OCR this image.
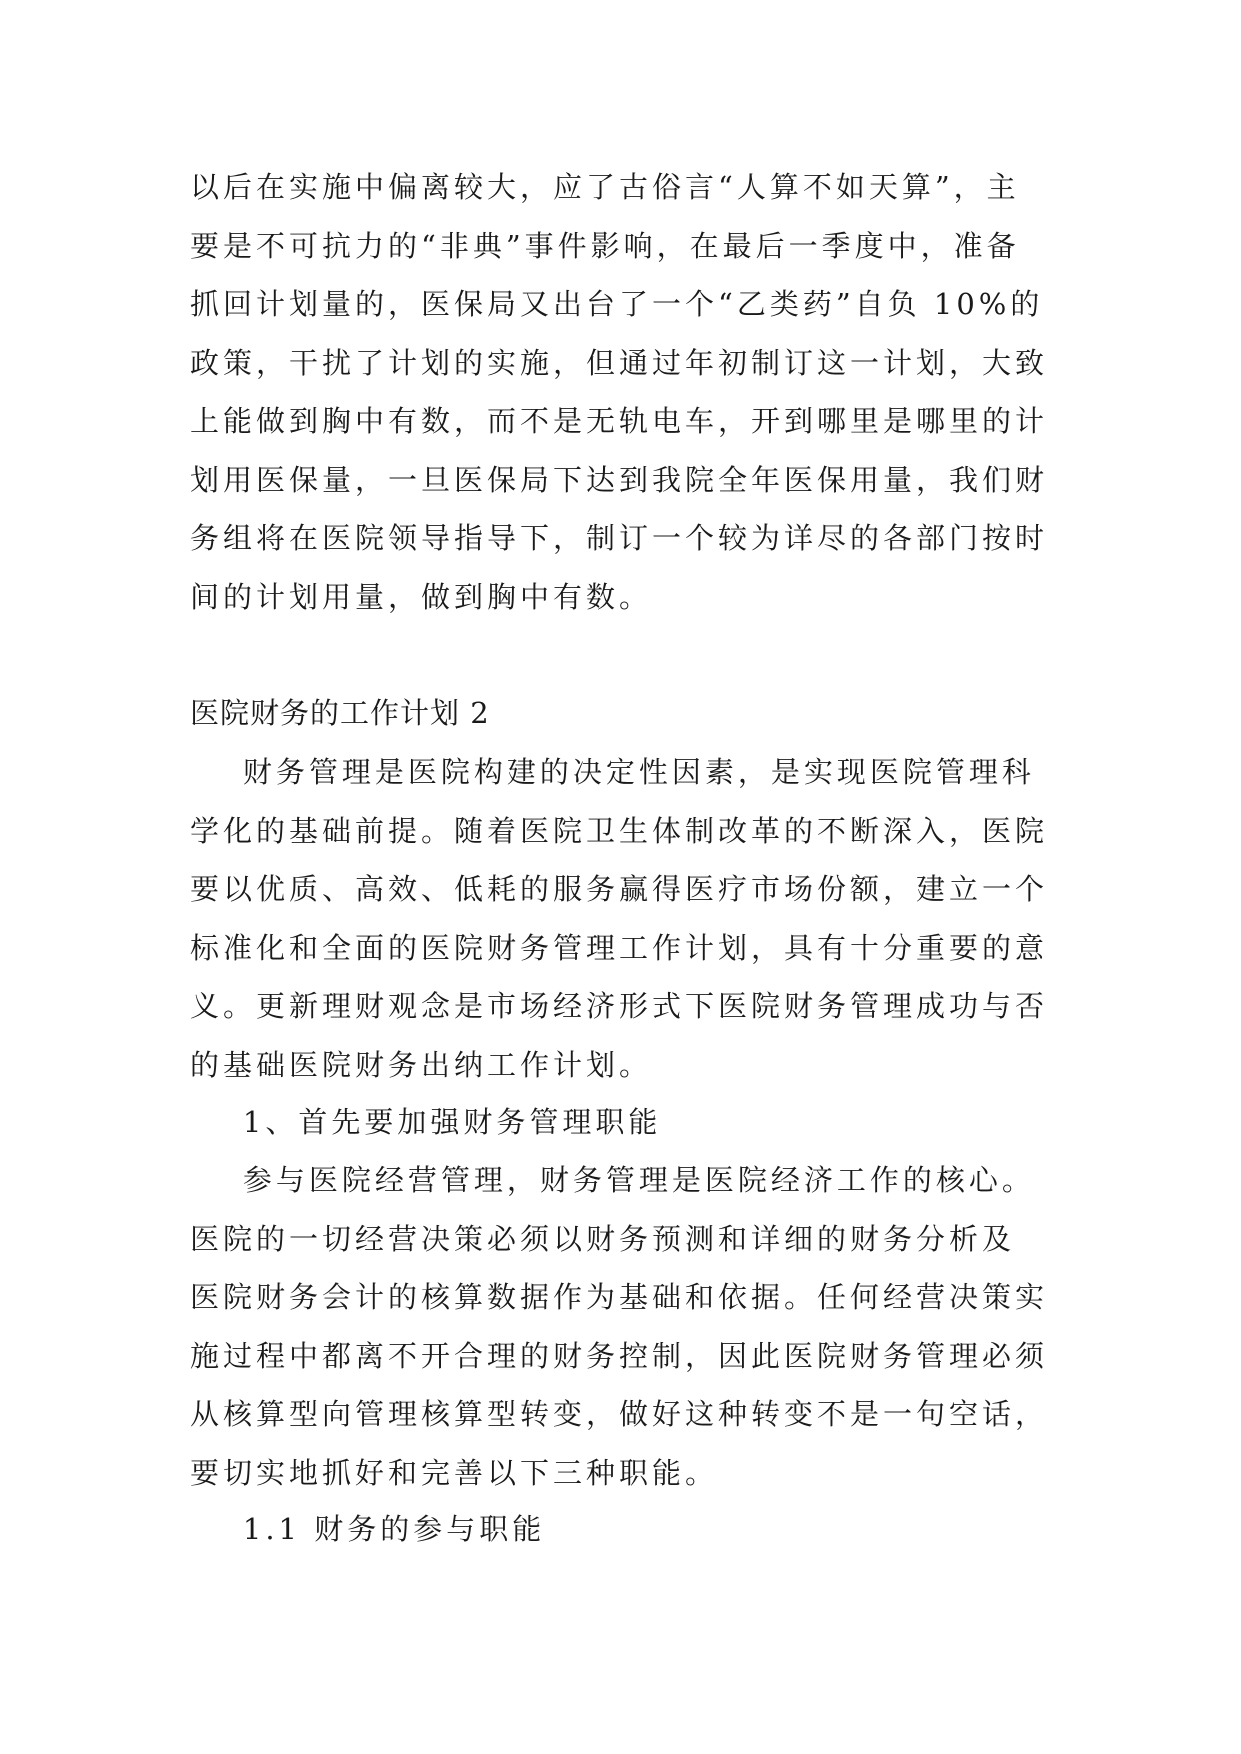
以后在实施中偏离较大，应了古俗言“人算不如天算”，主
要是不可抗力的“非典”事件影响，在最后一季度中，准备
抓回计划量的，医保局又出台了一个“乙类药”自负 10%的
政策，干扰了计划的实施，但通过年初制订这一计划，大致
上能做到胸中有数，而不是无轨电车，开到哪里是哪里的计
划用医保量，一旦医保局下达到我院全年医保用量，我们财
务组将在医院领导指导下，制订一个较为详尽的各部门按时
间的计划用量，做到胸中有数。

医院财务的工作计划 2

财务管理是医院构建的决定性因素，是实现医院管理科
学化的基础前提。随着医院卫生体制改革的不断深入，医院
要以优质、高效、低耗的服务赢得医疗市场份额，建立一个
标准化和全面的医院财务管理工作计划，具有十分重要的意
义。更新理财观念是市场经济形式下医院财务管理成功与否
的基础医院财务出纳工作计划。

1、首先要加强财务管理职能

参与医院经营管理，财务管理是医院经济工作的核心。
医院的一切经营决策必须以财务预测和详细的财务分析及
医院财务会计的核算数据作为基础和依据。任何经营决策实
施过程中都离不开合理的财务控制，因此医院财务管理必须
从核算型向管理核算型转变，做好这种转变不是一句空话，
要切实地抓好和完善以下三种职能。

1.1 财务的参与职能
